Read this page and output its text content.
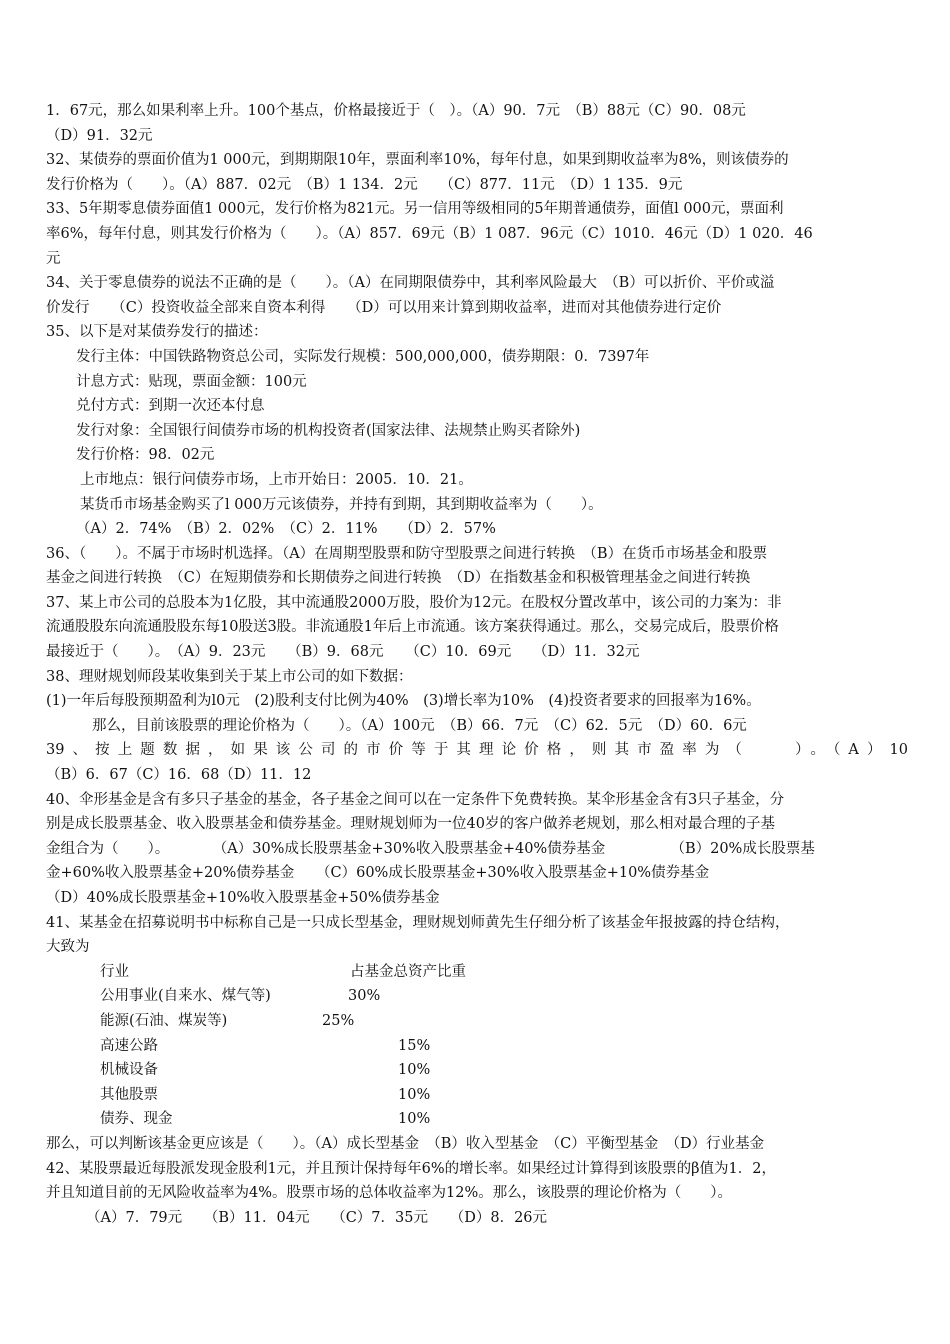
1．67元，那么如果利率上升。100个基点，价格最接近于（　）。（A）90．7元　（B）88元（C）90．08元
（D）91．32元
32、某债券的票面价值为1 000元，到期期限10年，票面利率10%，每年付息，如果到期收益率为8%，则该债券的
发行价格为（　　）。（A）887．02元　（B）1 134．2元　　（C）877．11元　（D）1 135．9元
33、5年期零息债券面值1 000元，发行价格为821元。另一信用等级相同的5年期普通债券，面值l 000元，票面利
率6%，每年付息，则其发行价格为（　　）。（A）857．69元（B）1 087．96元（C）1010．46元（D）1 020．46
元
34、关于零息债券的说法不正确的是（　　）。（A）在同期限债券中，其利率风险最大　（B）可以折价、平价或溢
价发行　　（C）投资收益全部来自资本利得　　（D）可以用来计算到期收益率，进而对其他债券进行定价
35、以下是对某债券发行的描述：
发行主体：中国铁路物资总公司，实际发行规模：500,000,000，债券期限：0．7397年
计息方式：贴现，票面金额：100元
兑付方式：到期一次还本付息
发行对象：全国银行间债券市场的机构投资者(国家法律、法规禁止购买者除外)
发行价格：98．02元
上市地点：银行问债券市场，上市开始日：2005．10．21。
某货币市场基金购买了l 000万元该债券，并持有到期，其到期收益率为（　　）。
（A）2．74%　（B）2．02%　（C）2．11%　　（D）2．57%
36、（　　）。不属于市场时机选择。（A）在周期型股票和防守型股票之间进行转换　（B）在货币市场基金和股票
基金之间进行转换　（C）在短期债券和长期债券之间进行转换　（D）在指数基金和积极管理基金之间进行转换
37、某上市公司的总股本为1亿股，其中流通股2000万股，股价为12元。在股权分置改革中，该公司的力案为：非
流通股股东向流通股股东每10股送3股。非流通股1年后上市流通。该方案获得通过。那么，交易完成后，股票价格
最接近于（　　）。　（A）9．23元　　（B）9．68元　　（C）10．69元　　（D）11．32元
38、理财规划师段某收集到关于某上市公司的如下数据：
(1)一年后每股预期盈利为l0元　(2)股利支付比例为40%　(3)增长率为10%　(4)投资者要求的回报率为16%。
那么，目前该股票的理论价格为（　　）。（A）100元　（B）66．7元　（C）62．5元　（D）60．6元
39、按上题数据，如果该公司的市价等于其理论价格，则其市盈率为（　　）。（A）10
（B）6．67（C）16．68（D）11．12
40、伞形基金是含有多只子基金的基金，各子基金之间可以在一定条件下免费转换。某伞形基金含有3只子基金，分
别是成长股票基金、收入股票基金和债券基金。理财规划师为一位40岁的客户做养老规划，那么相对最合理的子基
金组合为（　　）。　　　　（A）30%成长股票基金+30%收入股票基金+40%债券基金　　　　　（B）20%成长股票基
金+60%收入股票基金+20%债券基金　　（C）60%成长股票基金+30%收入股票基金+10%债券基金
（D）40%成长股票基金+10%收入股票基金+50%债券基金
41、某基金在招募说明书中标称自己是一只成长型基金，理财规划师黄先生仔细分析了该基金年报披露的持仓结构，
大致为
行业	占基金总资产比重
公用事业(自来水、煤气等)	30%
能源(石油、煤炭等)	25%
高速公路	15%
机械设备	10%
其他股票	10%
债券、现金	10%
那么，可以判断该基金更应该是（　　）。（A）成长型基金　（B）收入型基金　（C）平衡型基金　（D）行业基金
42、某股票最近每股派发现金股利1元，并且预计保持每年6%的增长率。如果经过计算得到该股票的β值为1．2，
并且知道目前的无风险收益率为4%。股票市场的总体收益率为12%。那么，该股票的理论价格为（　　）。
（A）7．79元　　（B）11．04元　　（C）7．35元　　（D）8．26元
